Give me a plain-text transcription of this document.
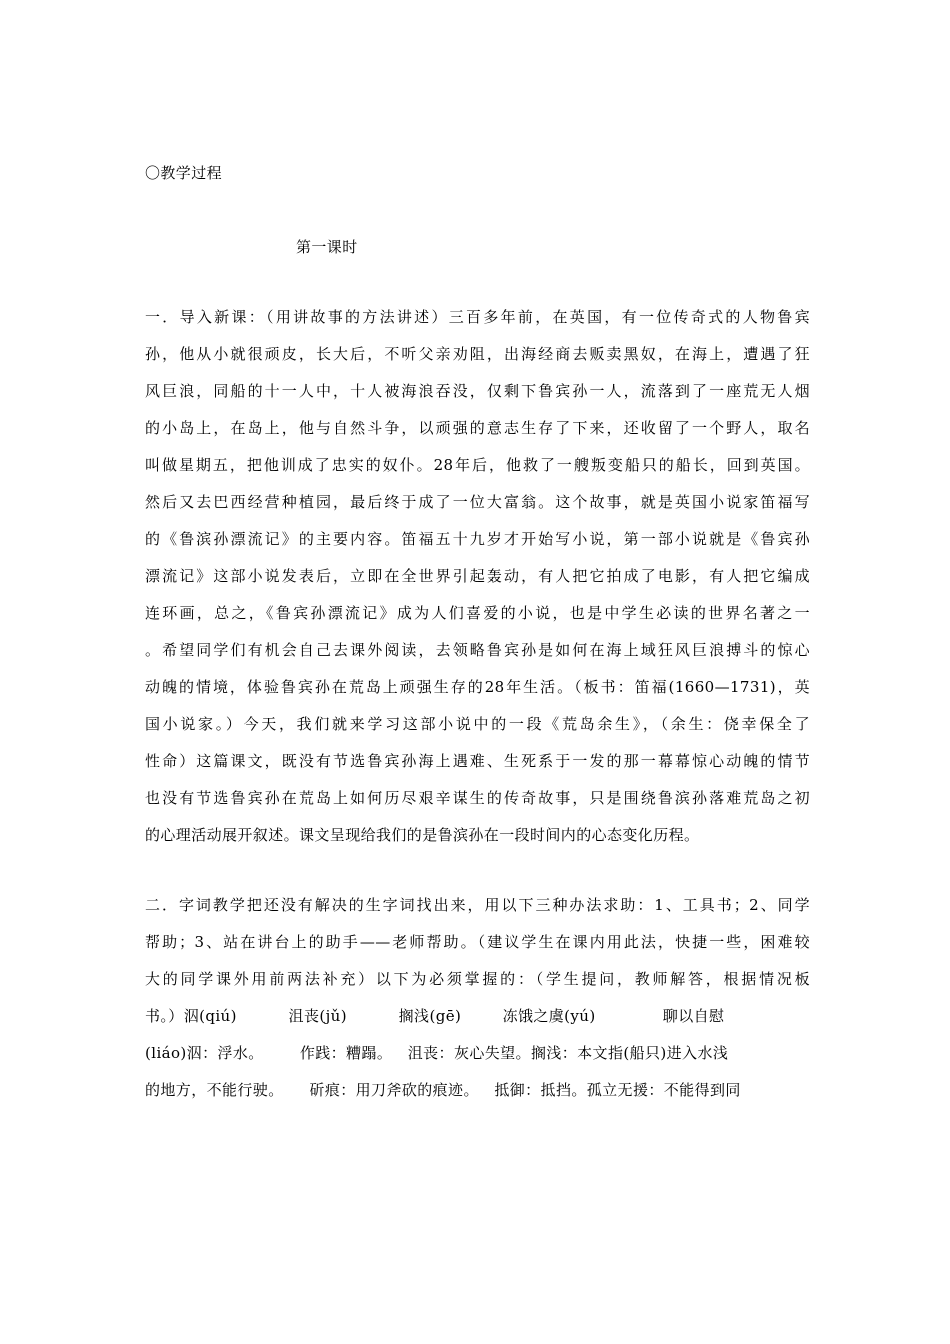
〇教学过程
第一课时
一．导入新课：（用讲故事的方法讲述）三百多年前，在英国，有一位传奇式的人物鲁宾
孙，他从小就很顽皮，长大后，不听父亲劝阻，出海经商去贩卖黑奴，在海上，遭遇了狂
风巨浪，同船的十一人中，十人被海浪吞没，仅剩下鲁宾孙一人，流落到了一座荒无人烟
的小岛上，在岛上，他与自然斗争，以顽强的意志生存了下来，还收留了一个野人，取名
叫做星期五，把他训成了忠实的奴仆。28年后，他救了一艘叛变船只的船长，回到英国。
然后又去巴西经营种植园，最后终于成了一位大富翁。这个故事，就是英国小说家笛福写
的《鲁滨孙漂流记》的主要内容。笛福五十九岁才开始写小说，第一部小说就是《鲁宾孙
漂流记》这部小说发表后，立即在全世界引起轰动，有人把它拍成了电影，有人把它编成
连环画，总之，《鲁宾孙漂流记》成为人们喜爱的小说，也是中学生必读的世界名著之一
。希望同学们有机会自己去课外阅读，去领略鲁宾孙是如何在海上域狂风巨浪搏斗的惊心
动魄的情境，体验鲁宾孙在荒岛上顽强生存的28年生活。（板书：笛福(1660—1731)，英
国小说家。）今天，我们就来学习这部小说中的一段《荒岛余生》，（余生：侥幸保全了
性命）这篇课文，既没有节选鲁宾孙海上遇难、生死系于一发的那一幕幕惊心动魄的情节
也没有节选鲁宾孙在荒岛上如何历尽艰辛谋生的传奇故事，只是围绕鲁滨孙落难荒岛之初
的心理活动展开叙述。课文呈现给我们的是鲁滨孙在一段时间内的心态变化历程。
二．字词教学把还没有解决的生字词找出来，用以下三种办法求助：1、工具书；2、同学
帮助；3、站在讲台上的助手——老师帮助。（建议学生在课内用此法，快捷一些，困难较
大的同学课外用前两法补充）以下为必须掌握的：（学生提问，教师解答，根据情况板
书。）泅(qiú)          沮丧(jǔ)          搁浅(gē)        冻饿之虞(yú)             聊以自慰
(liáo)泅：浮水。       作践：糟蹋。   沮丧：灰心失望。搁浅：本文指(船只)进入水浅
的地方，不能行驶。     斫痕：用刀斧砍的痕迹。   抵御：抵挡。孤立无援：不能得到同
